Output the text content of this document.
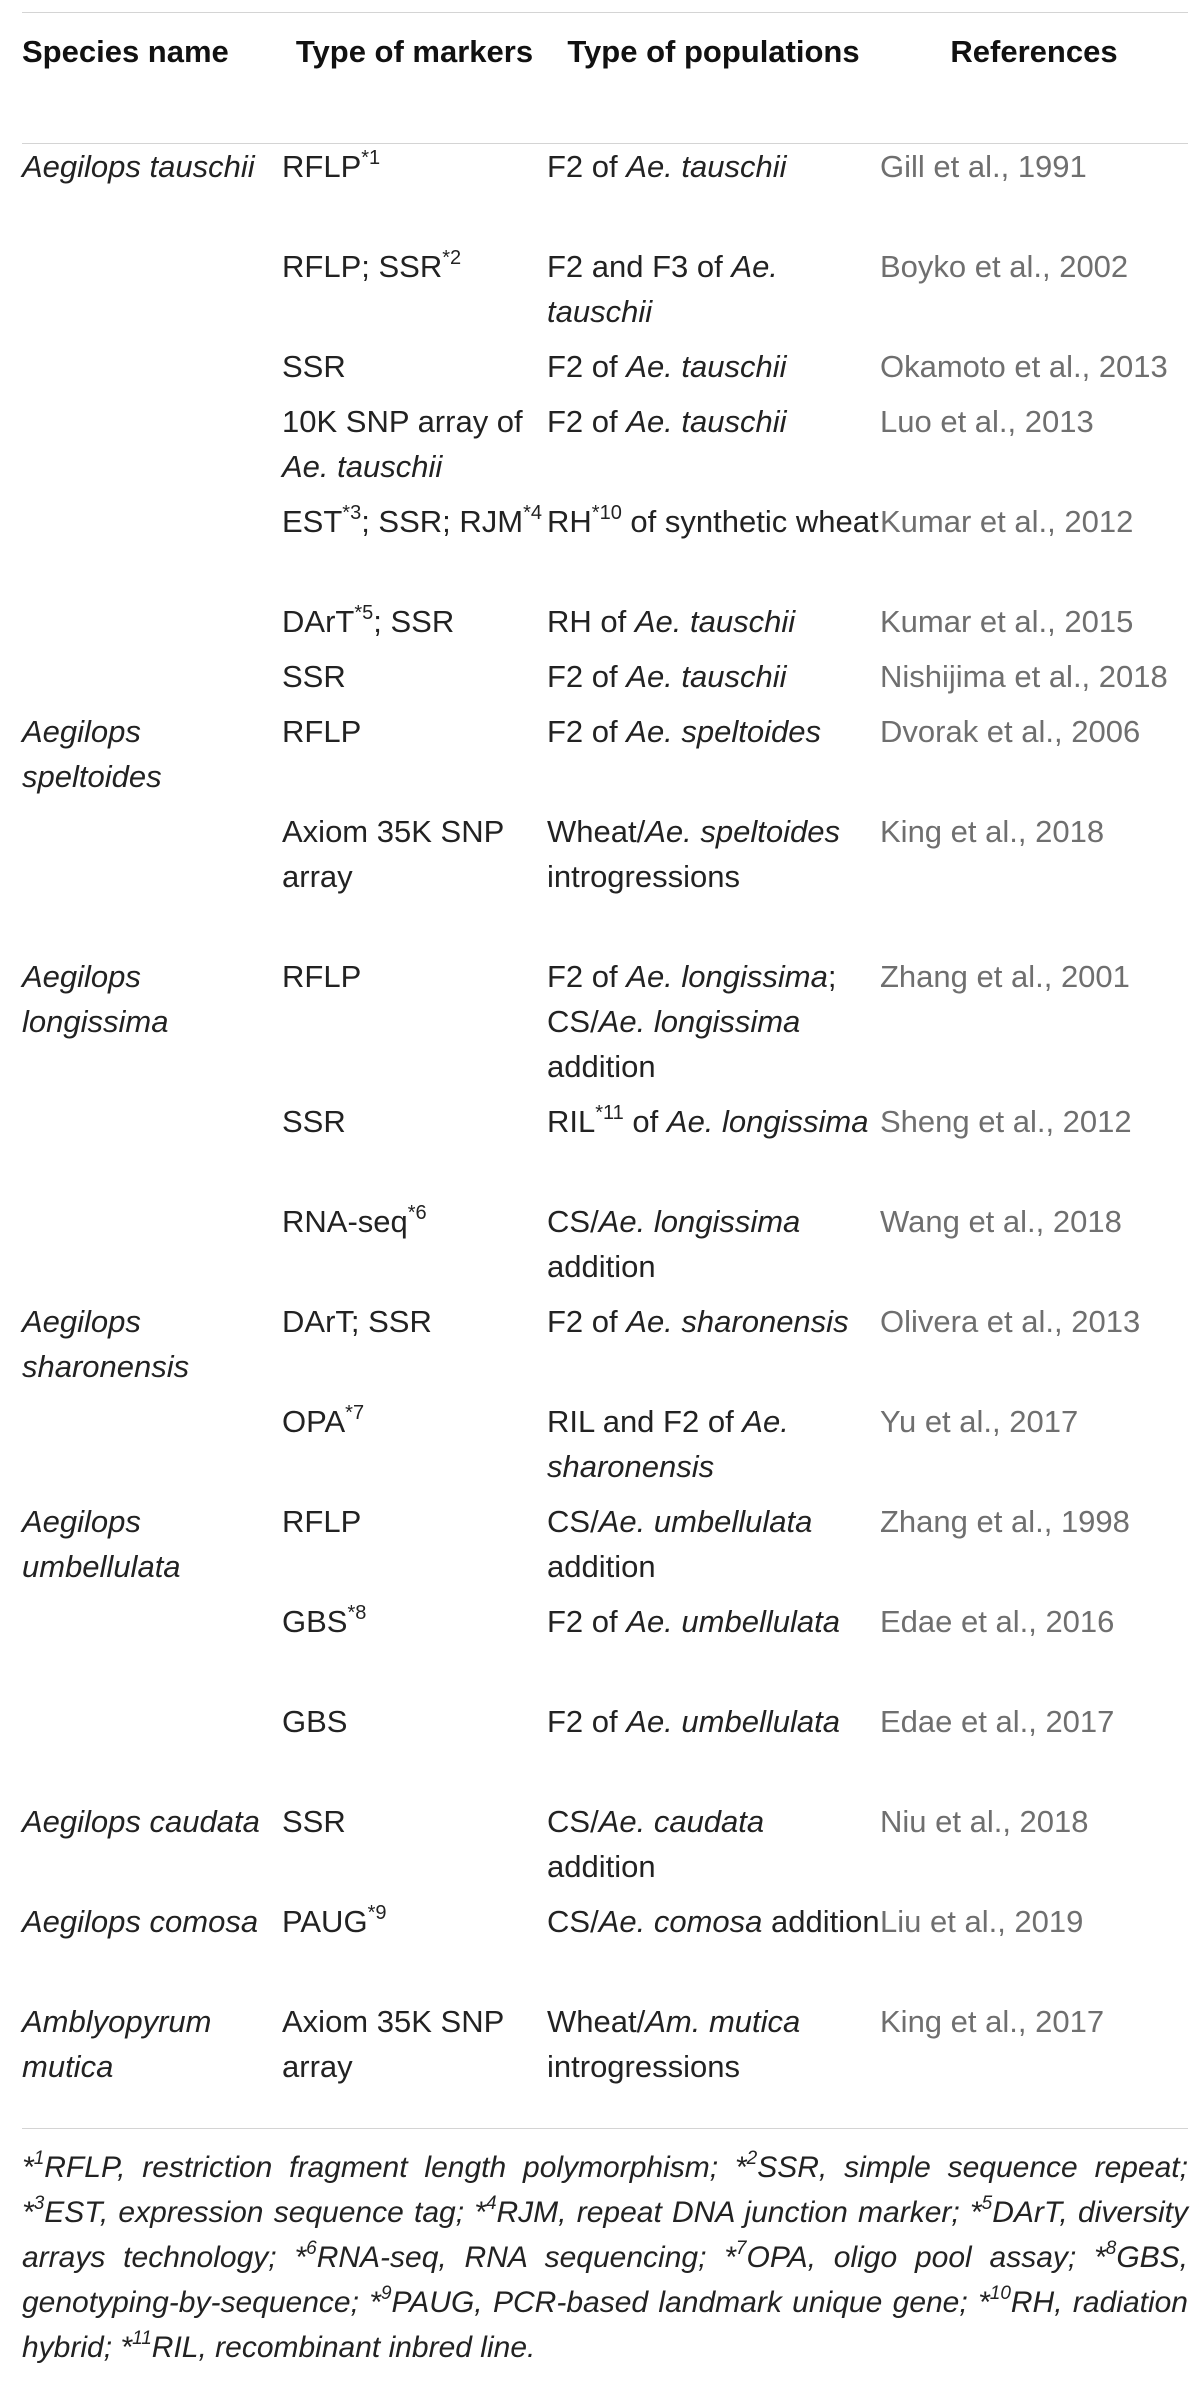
Species name	Type of markers	Type of populations	References
Aegilops tauschii	RFLP$^{*1}$	F2 of Ae. tauschii	Gill et al., 1991
	RFLP; SSR$^{*2}$	F2 and F3 of Ae. tauschii	Boyko et al., 2002
	SSR	F2 of Ae. tauschii	Okamoto et al., 2013
	10K SNP array of Ae. tauschii	F2 of Ae. tauschii	Luo et al., 2013
	EST$^{*3}$; SSR; RJM$^{*4}$	RH$^{*10}$ of synthetic wheat	Kumar et al., 2012
	DArT$^{*5}$; SSR	RH of Ae. tauschii	Kumar et al., 2015
	SSR	F2 of Ae. tauschii	Nishijima et al., 2018
Aegilops speltoides	RFLP	F2 of Ae. speltoides	Dvorak et al., 2006
	Axiom 35K SNP array	Wheat/Ae. speltoides introgressions	King et al., 2018
Aegilops longissima	RFLP	F2 of Ae. longissima; CS/Ae. longissima addition	Zhang et al., 2001
	SSR	RIL$^{*11}$ of Ae. longissima	Sheng et al., 2012
	RNA-seq$^{*6}$	CS/Ae. longissima addition	Wang et al., 2018
Aegilops sharonensis	DArT; SSR	F2 of Ae. sharonensis	Olivera et al., 2013
	OPA$^{*7}$	RIL and F2 of Ae. sharonensis	Yu et al., 2017
Aegilops umbellulata	RFLP	CS/Ae. umbellulata addition	Zhang et al., 1998
	GBS$^{*8}$	F2 of Ae. umbellulata	Edae et al., 2016
	GBS	F2 of Ae. umbellulata	Edae et al., 2017
Aegilops caudata	SSR	CS/Ae. caudata addition	Niu et al., 2018
Aegilops comosa	PAUG$^{*9}$	CS/Ae. comosa addition	Liu et al., 2019
Amblyopyrum mutica	Axiom 35K SNP array	Wheat/Am. mutica introgressions	King et al., 2017
*$^1$RFLP, restriction fragment length polymorphism; *$^2$SSR, simple sequence repeat; *$^3$EST, expression sequence tag; *$^4$RJM, repeat DNA junction marker; *$^5$DArT, diversity arrays technology; *$^6$RNA-seq, RNA sequencing; *$^7$OPA, oligo pool assay; *$^8$GBS, genotyping-by-sequence; *$^9$PAUG, PCR-based landmark unique gene; *$^{10}$RH, radiation hybrid; *$^{11}$RIL, recombinant inbred line.
